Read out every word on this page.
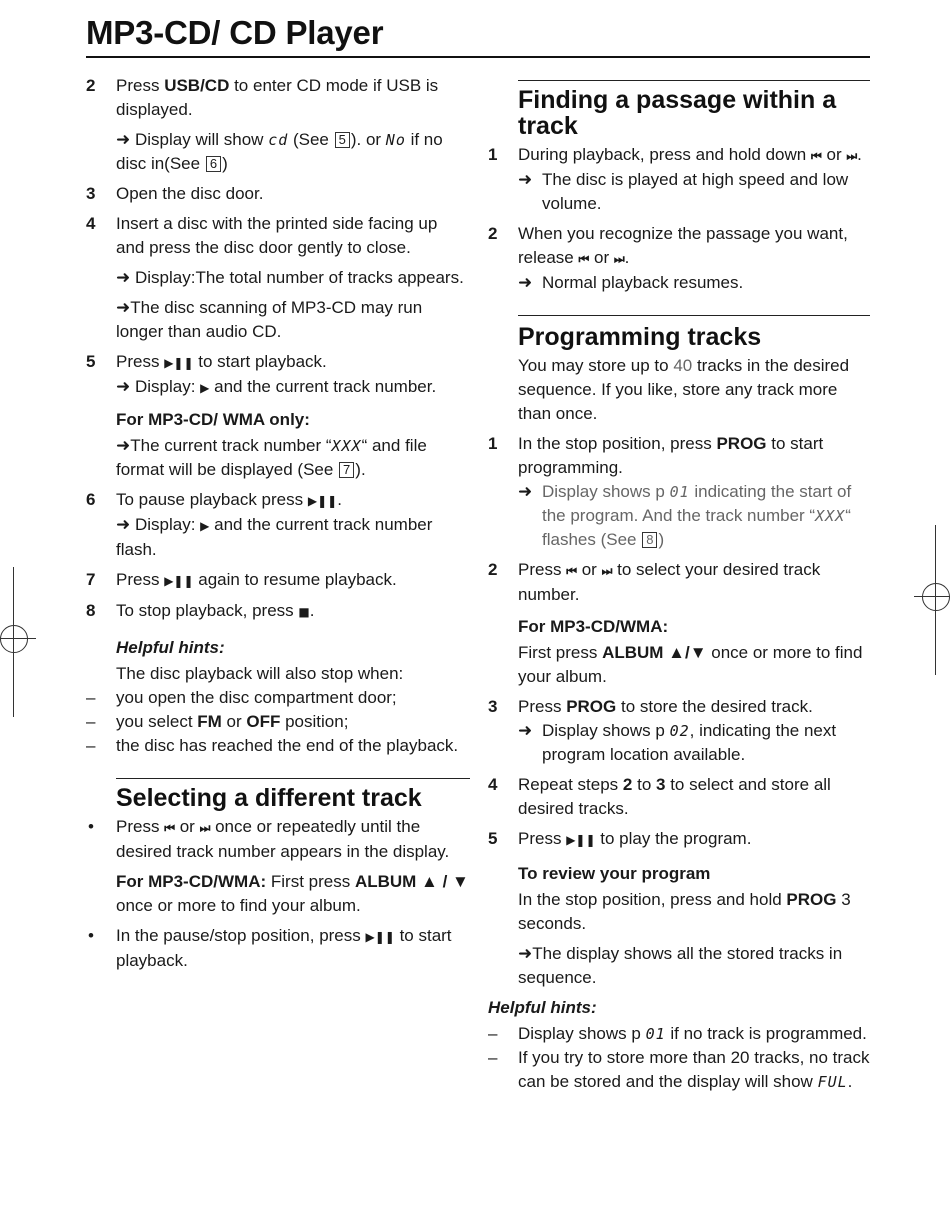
MP3-CD/ CD Player
2 Press USB/CD to enter CD mode if USB is displayed.
➜ Display will show cd (See 5 ). or No if no disc in(See 6 )
3 Open the disc door.
4 Insert a disc with the printed side facing up and press the disc door gently to close.
➜ Display:The total number of tracks appears.
➜The disc scanning of MP3-CD may run longer than audio CD.
5 Press ▶❚❚ to start playback.
➜ Display: ▶ and the current track number.
For MP3-CD/ WMA only:
➜The current track number “XXX“ and file format will be displayed (See 7 ).
6 To pause playback press ▶❚❚.
➜ Display: ▶ and the current track number flash.
7 Press ▶❚❚ again to resume playback.
8 To stop playback, press ■.
Helpful hints:
The disc playback will also stop when:
– you open the disc compartment door;
– you select FM or OFF position;
– the disc has reached the end of the playback.
Selecting a different track
• Press ⏮ or ⏭ once or repeatedly until the desired track number appears in the display.
For MP3-CD/WMA: First press ALBUM ▲ / ▼ once or more to find your album.
• In the pause/stop position, press ▶❚❚ to start playback.
Finding a passage within a track
1 During playback, press and hold down ⏮ or ⏭.
➜ The disc is played at high speed and low volume.
2 When you recognize the passage you want, release ⏮ or ⏭.
➜ Normal playback resumes.
Programming tracks
You may store up to 40 tracks in the desired sequence. If you like, store any track more than once.
1 In the stop position, press PROG to start programming.
➜ Display shows p 01 indicating the start of the program. And the track number “XXX“ flashes (See 8 )
2 Press ⏮ or ⏭ to select your desired track number.
For MP3-CD/WMA:
First press ALBUM ▲/▼ once or more to find your album.
3 Press PROG to store the desired track.
➜ Display shows p 02, indicating the next program location available.
4 Repeat steps 2 to 3 to select and store all desired tracks.
5 Press ▶❚❚ to play the program.
To review your program
In the stop position, press and hold PROG 3 seconds.
➜The display shows all the stored tracks in sequence.
Helpful hints:
– Display shows p 01 if no track is programmed.
– If you try to store more than 20 tracks, no track can be stored and the display will show FUL.
